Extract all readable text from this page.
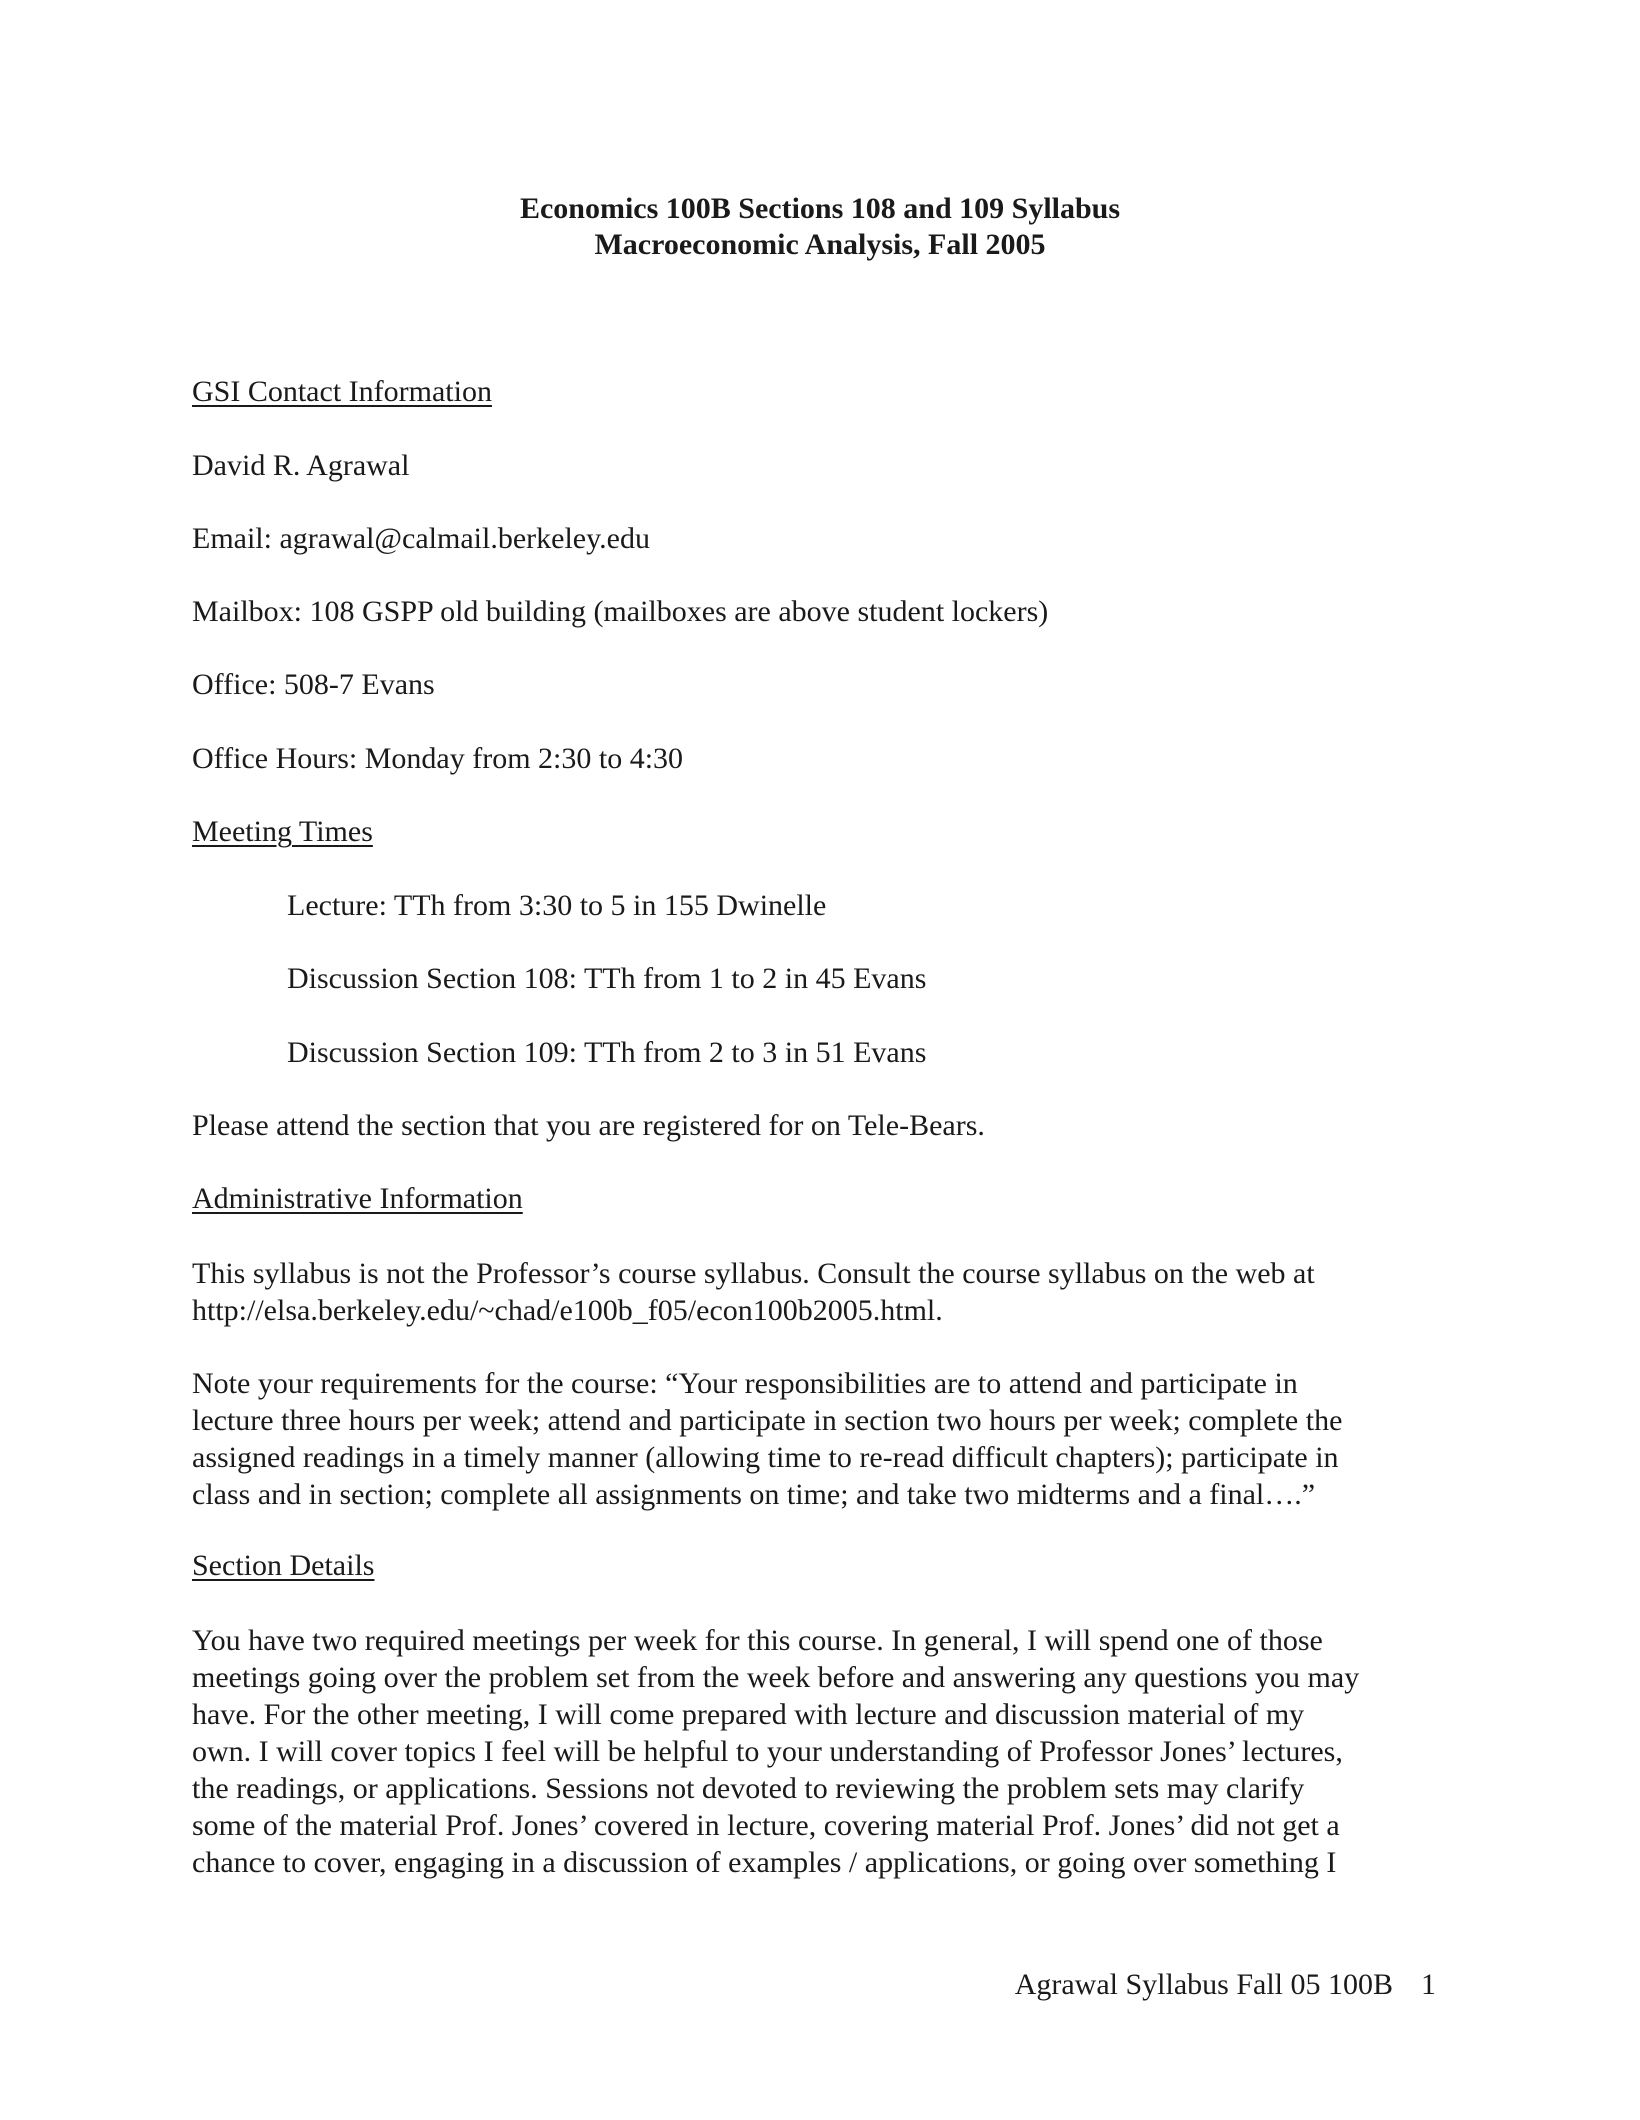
Economics 100B Sections 108 and 109 Syllabus
Macroeconomic Analysis, Fall 2005
GSI Contact Information
David R. Agrawal
Email: agrawal@calmail.berkeley.edu
Mailbox: 108 GSPP old building (mailboxes are above student lockers)
Office: 508-7 Evans
Office Hours: Monday from 2:30 to 4:30
Meeting Times
Lecture: TTh from 3:30 to 5 in 155 Dwinelle
Discussion Section 108: TTh from 1 to 2 in 45 Evans
Discussion Section 109: TTh from 2 to 3 in 51 Evans
Please attend the section that you are registered for on Tele-Bears.
Administrative Information
This syllabus is not the Professor’s course syllabus. Consult the course syllabus on the web at
http://elsa.berkeley.edu/~chad/e100b_f05/econ100b2005.html.
Note your requirements for the course: “Your responsibilities are to attend and participate in
lecture three hours per week; attend and participate in section two hours per week; complete the
assigned readings in a timely manner (allowing time to re-read difficult chapters); participate in
class and in section; complete all assignments on time; and take two midterms and a final….”
Section Details
You have two required meetings per week for this course. In general, I will spend one of those
meetings going over the problem set from the week before and answering any questions you may
have. For the other meeting, I will come prepared with lecture and discussion material of my
own. I will cover topics I feel will be helpful to your understanding of Professor Jones’ lectures,
the readings, or applications. Sessions not devoted to reviewing the problem sets may clarify
some of the material Prof. Jones’ covered in lecture, covering material Prof. Jones’ did not get a
chance to cover, engaging in a discussion of examples / applications, or going over something I
Agrawal Syllabus Fall 05 100B 1
